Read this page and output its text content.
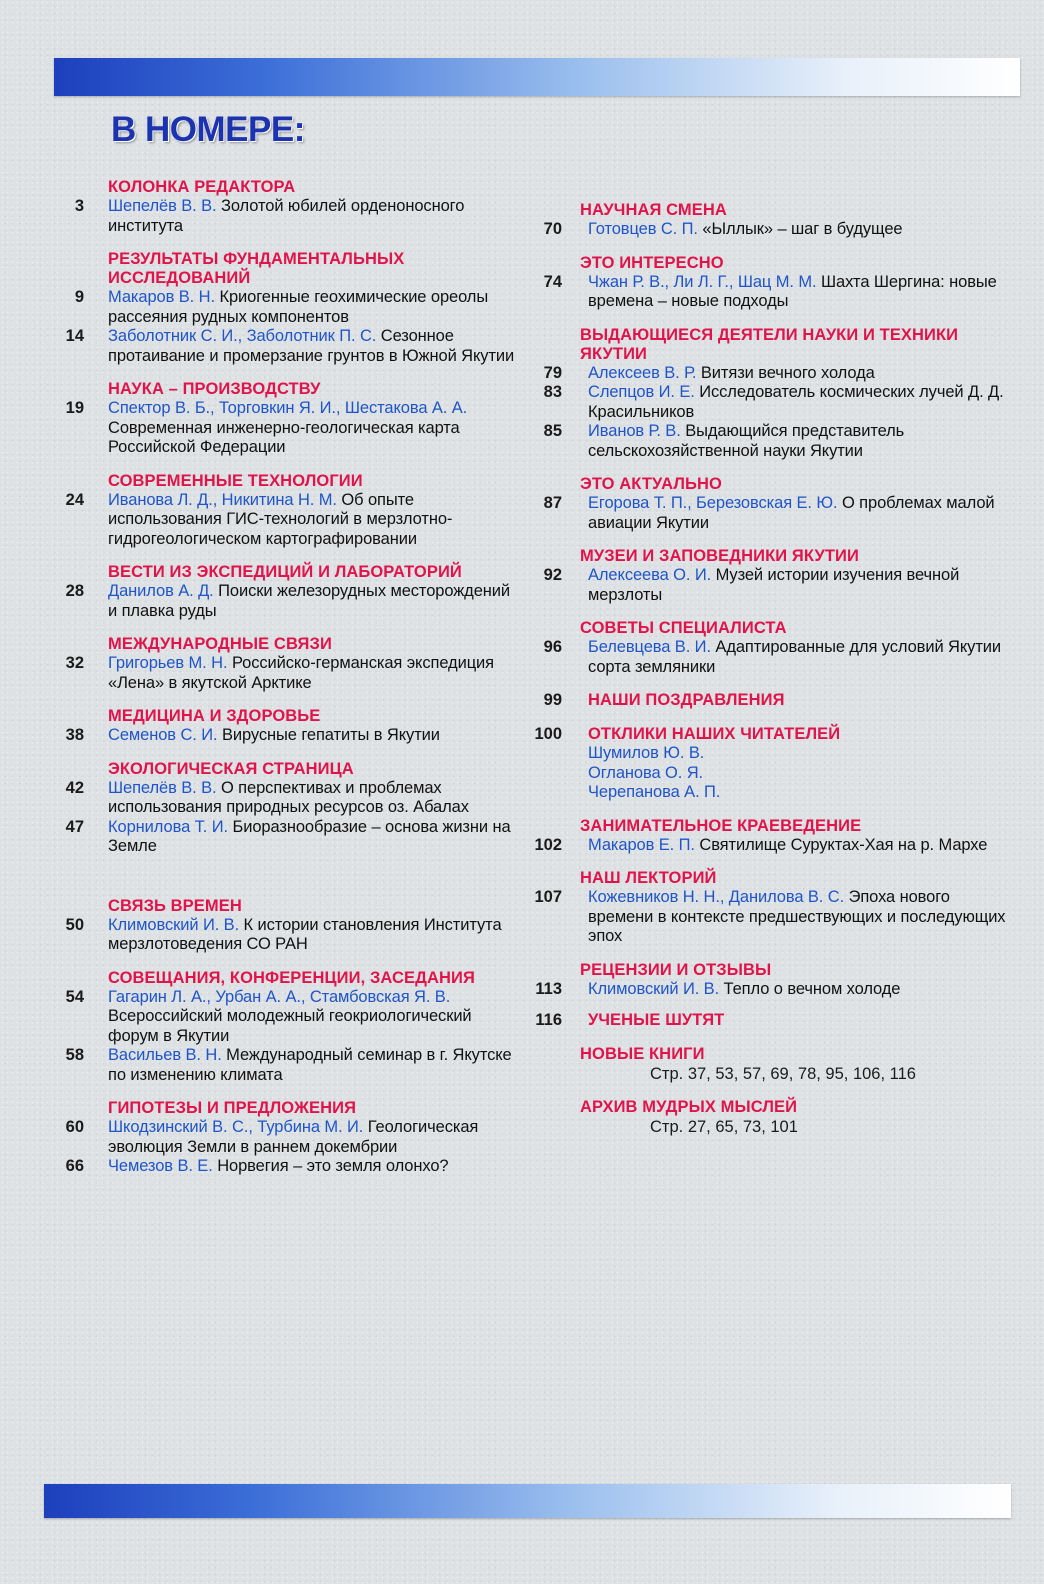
В НОМЕРЕ:
КОЛОНКА РЕДАКТОРА
3 Шепелёв В. В. Золотой юбилей орденоносного института
РЕЗУЛЬТАТЫ ФУНДАМЕНТАЛЬНЫХ ИССЛЕДОВАНИЙ
9 Макаров В. Н. Криогенные геохимические ореолы рассеяния рудных компонентов
14 Заболотник С. И., Заболотник П. С. Сезонное протаивание и промерзание грунтов в Южной Якутии
НАУКА – ПРОИЗВОДСТВУ
19 Спектор В. Б., Торговкин Я. И., Шестакова А. А. Современная инженерно-геологическая карта Российской Федерации
СОВРЕМЕННЫЕ ТЕХНОЛОГИИ
24 Иванова Л. Д., Никитина Н. М. Об опыте использования ГИС-технологий в мерзлотно-гидрогеологическом картографировании
ВЕСТИ ИЗ ЭКСПЕДИЦИЙ И ЛАБОРАТОРИЙ
28 Данилов А. Д. Поиски железорудных месторождений и плавка руды
МЕЖДУНАРОДНЫЕ СВЯЗИ
32 Григорьев М. Н. Российско-германская экспедиция «Лена» в якутской Арктике
МЕДИЦИНА И ЗДОРОВЬЕ
38 Семенов С. И. Вирусные гепатиты в Якутии
ЭКОЛОГИЧЕСКАЯ СТРАНИЦА
42 Шепелёв В. В. О перспективах и проблемах использования природных ресурсов оз. Абалах
47 Корнилова Т. И. Биоразнообразие – основа жизни на Земле
СВЯЗЬ ВРЕМЕН
50 Климовский И. В. К истории становления Института мерзлотоведения СО РАН
СОВЕЩАНИЯ, КОНФЕРЕНЦИИ, ЗАСЕДАНИЯ
54 Гагарин Л. А., Урбан А. А., Стамбовская Я. В. Всероссийский молодежный геокриологический форум в Якутии
58 Васильев В. Н. Международный семинар в г. Якутске по изменению климата
ГИПОТЕЗЫ И ПРЕДЛОЖЕНИЯ
60 Шкодзинский В. С., Турбина М. И. Геологическая эволюция Земли в раннем докембрии
66 Чемезов В. Е. Норвегия – это земля олонхо?
НАУЧНАЯ СМЕНА
70 Готовцев С. П. «Ыллык» – шаг в будущее
ЭТО ИНТЕРЕСНО
74 Чжан Р. В., Ли Л. Г., Шац М. М. Шахта Шергина: новые времена – новые подходы
ВЫДАЮЩИЕСЯ ДЕЯТЕЛИ НАУКИ И ТЕХНИКИ ЯКУТИИ
79 Алексеев В. Р. Витязи вечного холода
83 Слепцов И. Е. Исследователь космических лучей Д. Д. Красильников
85 Иванов Р. В. Выдающийся представитель сельскохозяйственной науки Якутии
ЭТО АКТУАЛЬНО
87 Егорова Т. П., Березовская Е. Ю. О проблемах малой авиации Якутии
МУЗЕИ И ЗАПОВЕДНИКИ ЯКУТИИ
92 Алексеева О. И. Музей истории изучения вечной мерзлоты
СОВЕТЫ СПЕЦИАЛИСТА
96 Белевцева В. И. Адаптированные для условий Якутии сорта земляники
99 НАШИ ПОЗДРАВЛЕНИЯ
100 ОТКЛИКИ НАШИХ ЧИТАТЕЛЕЙ
Шумилов Ю. В.
Огланова О. Я.
Черепанова А. П.
ЗАНИМАТЕЛЬНОЕ КРАЕВЕДЕНИЕ
102 Макаров Е. П. Святилище Суруктах-Хая на р. Мархе
НАШ ЛЕКТОРИЙ
107 Кожевников Н. Н., Данилова В. С. Эпоха нового времени в контексте предшествующих и последующих эпох
РЕЦЕНЗИИ И ОТЗЫВЫ
113 Климовский И. В. Тепло о вечном холоде
116 УЧЕНЫЕ ШУТЯТ
НОВЫЕ КНИГИ
Стр. 37, 53, 57, 69, 78, 95, 106, 116
АРХИВ МУДРЫХ МЫСЛЕЙ
Стр. 27, 65, 73, 101
